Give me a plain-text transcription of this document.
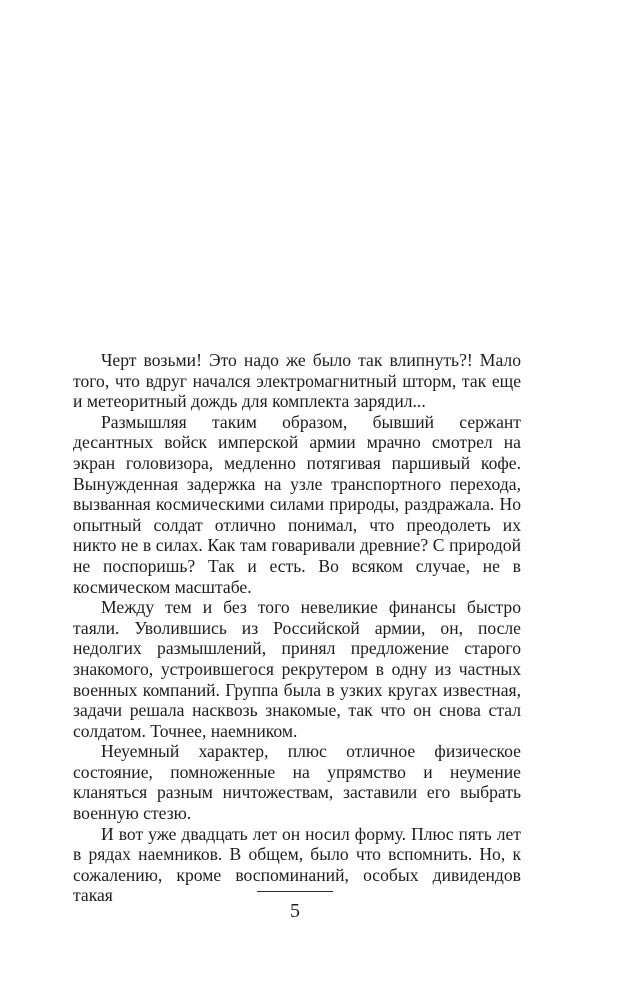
Черт возьми! Это надо же было так влипнуть?! Мало того, что вдруг начался электромагнитный шторм, так еще и метеоритный дождь для комплекта зарядил...

Размышляя таким образом, бывший сержант десантных войск имперской армии мрачно смотрел на экран головизора, медленно потягивая паршивый кофе. Вынужденная задержка на узле транспортного перехода, вызванная космическими силами природы, раздражала. Но опытный солдат отлично понимал, что преодолеть их никто не в силах. Как там говаривали древние? С природой не поспоришь? Так и есть. Во всяком случае, не в космическом масштабе.

Между тем и без того невеликие финансы быстро таяли. Уволившись из Российской армии, он, после недолгих размышлений, принял предложение старого знакомого, устроившегося рекрутером в одну из частных военных компаний. Группа была в узких кругах известная, задачи решала насквозь знакомые, так что он снова стал солдатом. Точнее, наемником.

Неуемный характер, плюс отличное физическое состояние, помноженные на упрямство и неумение кланяться разным ничтожествам, заставили его выбрать военную стезю.

И вот уже двадцать лет он носил форму. Плюс пять лет в рядах наемников. В общем, было что вспомнить. Но, к сожалению, кроме воспоминаний, особых дивидендов такая

5
